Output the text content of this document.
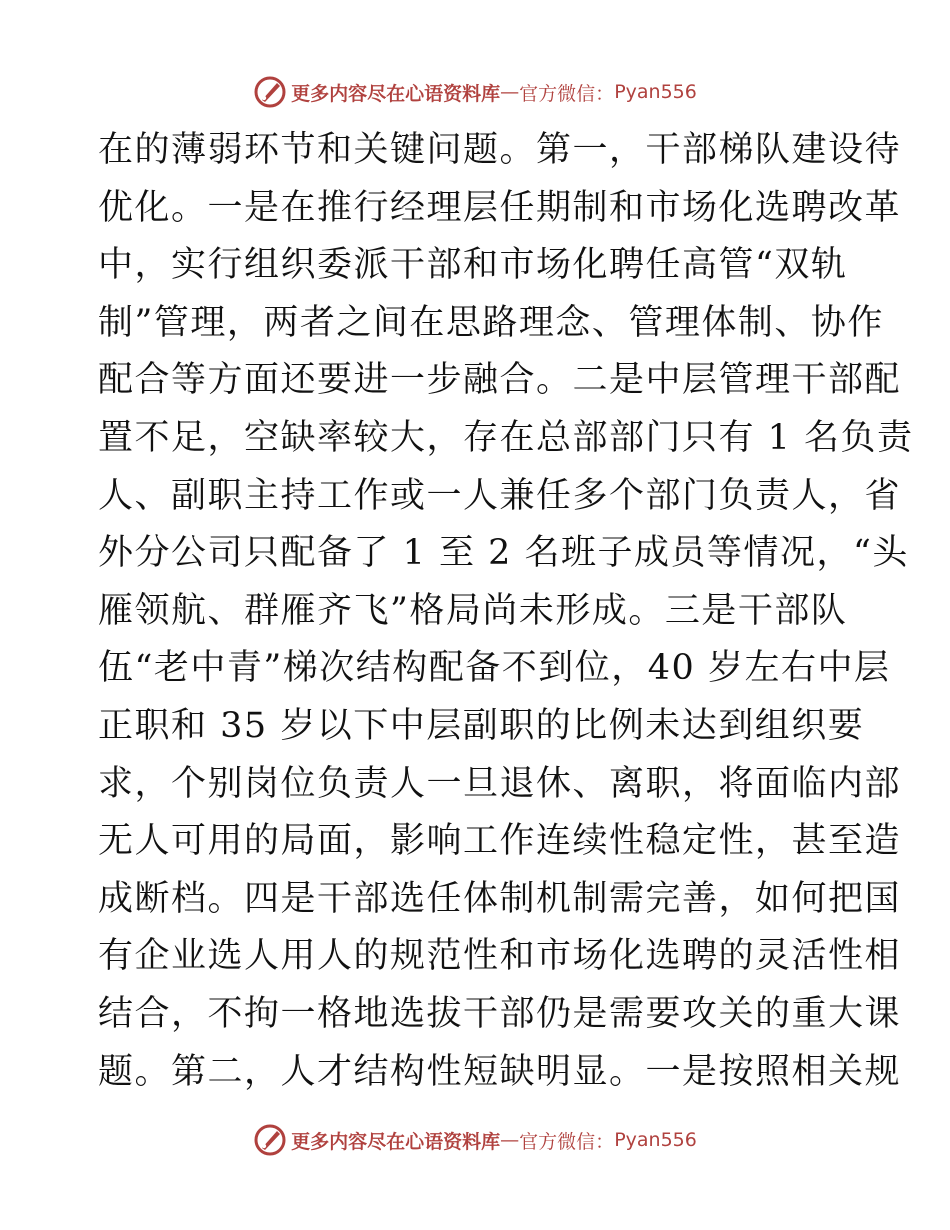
更多内容尽在心语资料库 — 官方微信： Pyan556
在的薄弱环节和关键问题。第一，干部梯队建设待
优化。一是在推行经理层任期制和市场化选聘改革
中，实行组织委派干部和市场化聘任高管“双轨
制”管理，两者之间在思路理念、管理体制、协作
配合等方面还要进一步融合。二是中层管理干部配
置不足，空缺率较大，存在总部部门只有 1 名负责
人、副职主持工作或一人兼任多个部门负责人，省
外分公司只配备了 1 至 2 名班子成员等情况，“头
雁领航、群雁齐飞”格局尚未形成。三是干部队
伍“老中青”梯次结构配备不到位，40 岁左右中层
正职和 35 岁以下中层副职的比例未达到组织要
求，个别岗位负责人一旦退休、离职，将面临内部
无人可用的局面，影响工作连续性稳定性，甚至造
成断档。四是干部选任体制机制需完善，如何把国
有企业选人用人的规范性和市场化选聘的灵活性相
结合，不拘一格地选拔干部仍是需要攻关的重大课
题。第二，人才结构性短缺明显。一是按照相关规
更多内容尽在心语资料库 — 官方微信： Pyan556
